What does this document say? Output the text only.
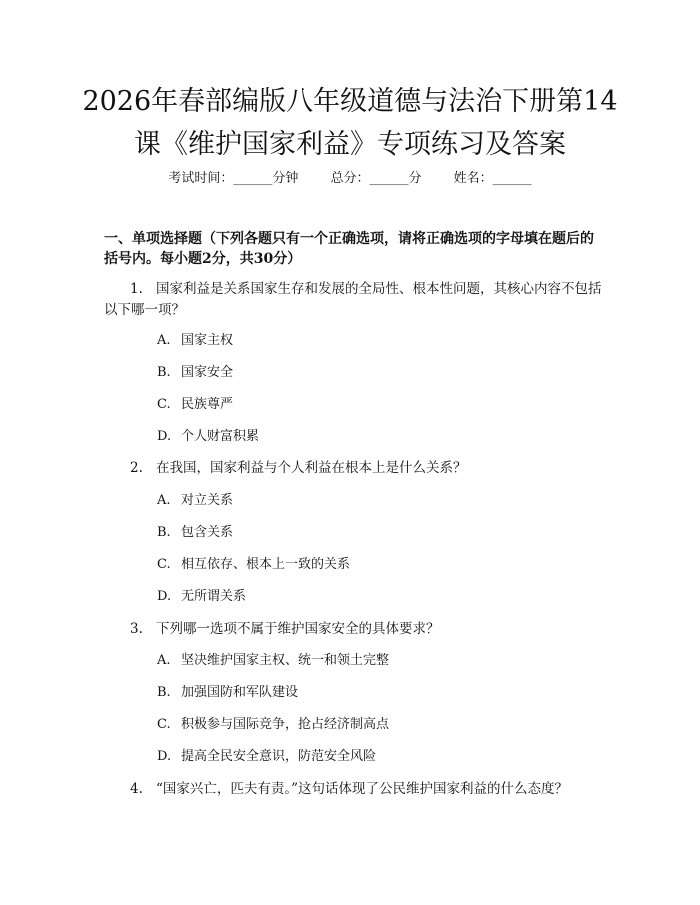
2026年春部编版八年级道德与法治下册第14
课《维护国家利益》专项练习及答案
考试时间：______分钟 总分：______分 姓名：______
一、单项选择题（下列各题只有一个正确选项，请将正确选项的字母填在题后的括号内。每小题2分，共30分）
1. 国家利益是关系国家生存和发展的全局性、根本性问题，其核心内容不包括以下哪一项？
A. 国家主权
B. 国家安全
C. 民族尊严
D. 个人财富积累
2. 在我国，国家利益与个人利益在根本上是什么关系？
A. 对立关系
B. 包含关系
C. 相互依存、根本上一致的关系
D. 无所谓关系
3. 下列哪一选项不属于维护国家安全的具体要求？
A. 坚决维护国家主权、统一和领土完整
B. 加强国防和军队建设
C. 积极参与国际竞争，抢占经济制高点
D. 提高全民安全意识，防范安全风险
4. “国家兴亡，匹夫有责。”这句话体现了公民维护国家利益的什么态度？
